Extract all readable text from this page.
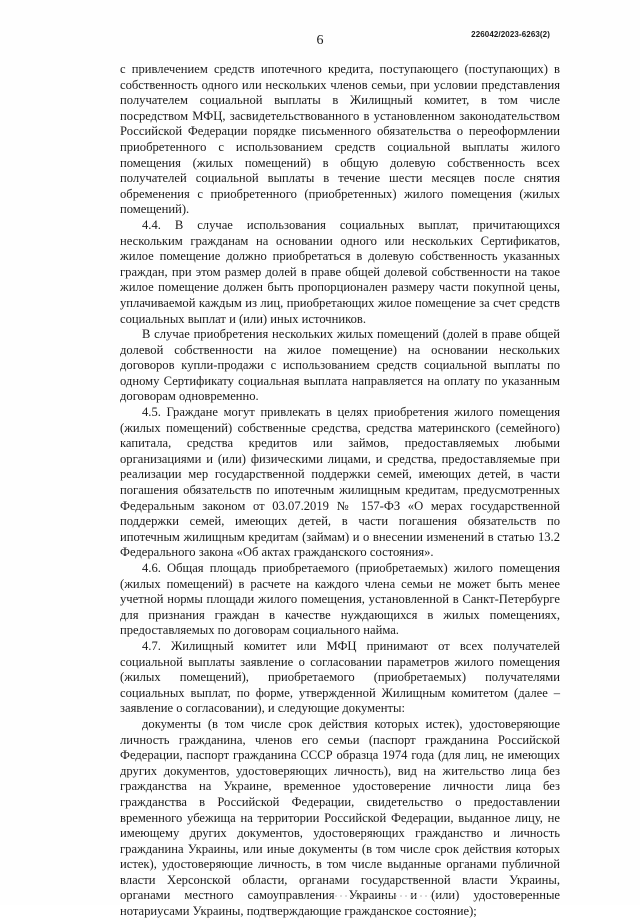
6	226042/2023-6263(2)

с привлечением средств ипотечного кредита, поступающего (поступающих) в собственность одного или нескольких членов семьи, при условии представления получателем социальной выплаты в Жилищный комитет, в том числе посредством МФЦ, засвидетельствованного в установленном законодательством Российской Федерации порядке письменного обязательства о переоформлении приобретенного с использованием средств социальной выплаты жилого помещения (жилых помещений) в общую долевую собственность всех получателей социальной выплаты в течение шести месяцев после снятия обременения с приобретенного (приобретенных) жилого помещения (жилых помещений).

4.4. В случае использования социальных выплат, причитающихся нескольким гражданам на основании одного или нескольких Сертификатов, жилое помещение должно приобретаться в долевую собственность указанных граждан, при этом размер долей в праве общей долевой собственности на такое жилое помещение должен быть пропорционален размеру части покупной цены, уплачиваемой каждым из лиц, приобретающих жилое помещение за счет средств социальных выплат и (или) иных источников.

В случае приобретения нескольких жилых помещений (долей в праве общей долевой собственности на жилое помещение) на основании нескольких договоров купли-продажи с использованием средств социальной выплаты по одному Сертификату социальная выплата направляется на оплату по указанным договорам одновременно.

4.5. Граждане могут привлекать в целях приобретения жилого помещения (жилых помещений) собственные средства, средства материнского (семейного) капитала, средства кредитов или займов, предоставляемых любыми организациями и (или) физическими лицами, и средства, предоставляемые при реализации мер государственной поддержки семей, имеющих детей, в части погашения обязательств по ипотечным жилищным кредитам, предусмотренных Федеральным законом от 03.07.2019 № 157-ФЗ «О мерах государственной поддержки семей, имеющих детей, в части погашения обязательств по ипотечным жилищным кредитам (займам) и о внесении изменений в статью 13.2 Федерального закона «Об актах гражданского состояния».

4.6. Общая площадь приобретаемого (приобретаемых) жилого помещения (жилых помещений) в расчете на каждого члена семьи не может быть менее учетной нормы площади жилого помещения, установленной в Санкт-Петербурге для признания граждан в качестве нуждающихся в жилых помещениях, предоставляемых по договорам социального найма.

4.7. Жилищный комитет или МФЦ принимают от всех получателей социальной выплаты заявление о согласовании параметров жилого помещения (жилых помещений), приобретаемого (приобретаемых) получателями социальных выплат, по форме, утвержденной Жилищным комитетом (далее – заявление о согласовании), и следующие документы:

документы (в том числе срок действия которых истек), удостоверяющие личность гражданина, членов его семьи (паспорт гражданина Российской Федерации, паспорт гражданина СССР образца 1974 года (для лиц, не имеющих других документов, удостоверяющих личность), вид на жительство лица без гражданства на Украине, временное удостоверение личности лица без гражданства в Российской Федерации, свидетельство о предоставлении временного убежища на территории Российской Федерации, выданное лицу, не имеющему других документов, удостоверяющих гражданство и личность гражданина Украины, или иные документы (в том числе срок действия которых истек), удостоверяющие личность, в том числе выданные органами публичной власти Херсонской области, органами государственной власти Украины, органами местного самоуправления Украины и (или) удостоверенные нотариусами Украины, подтверждающие гражданское состояние);
